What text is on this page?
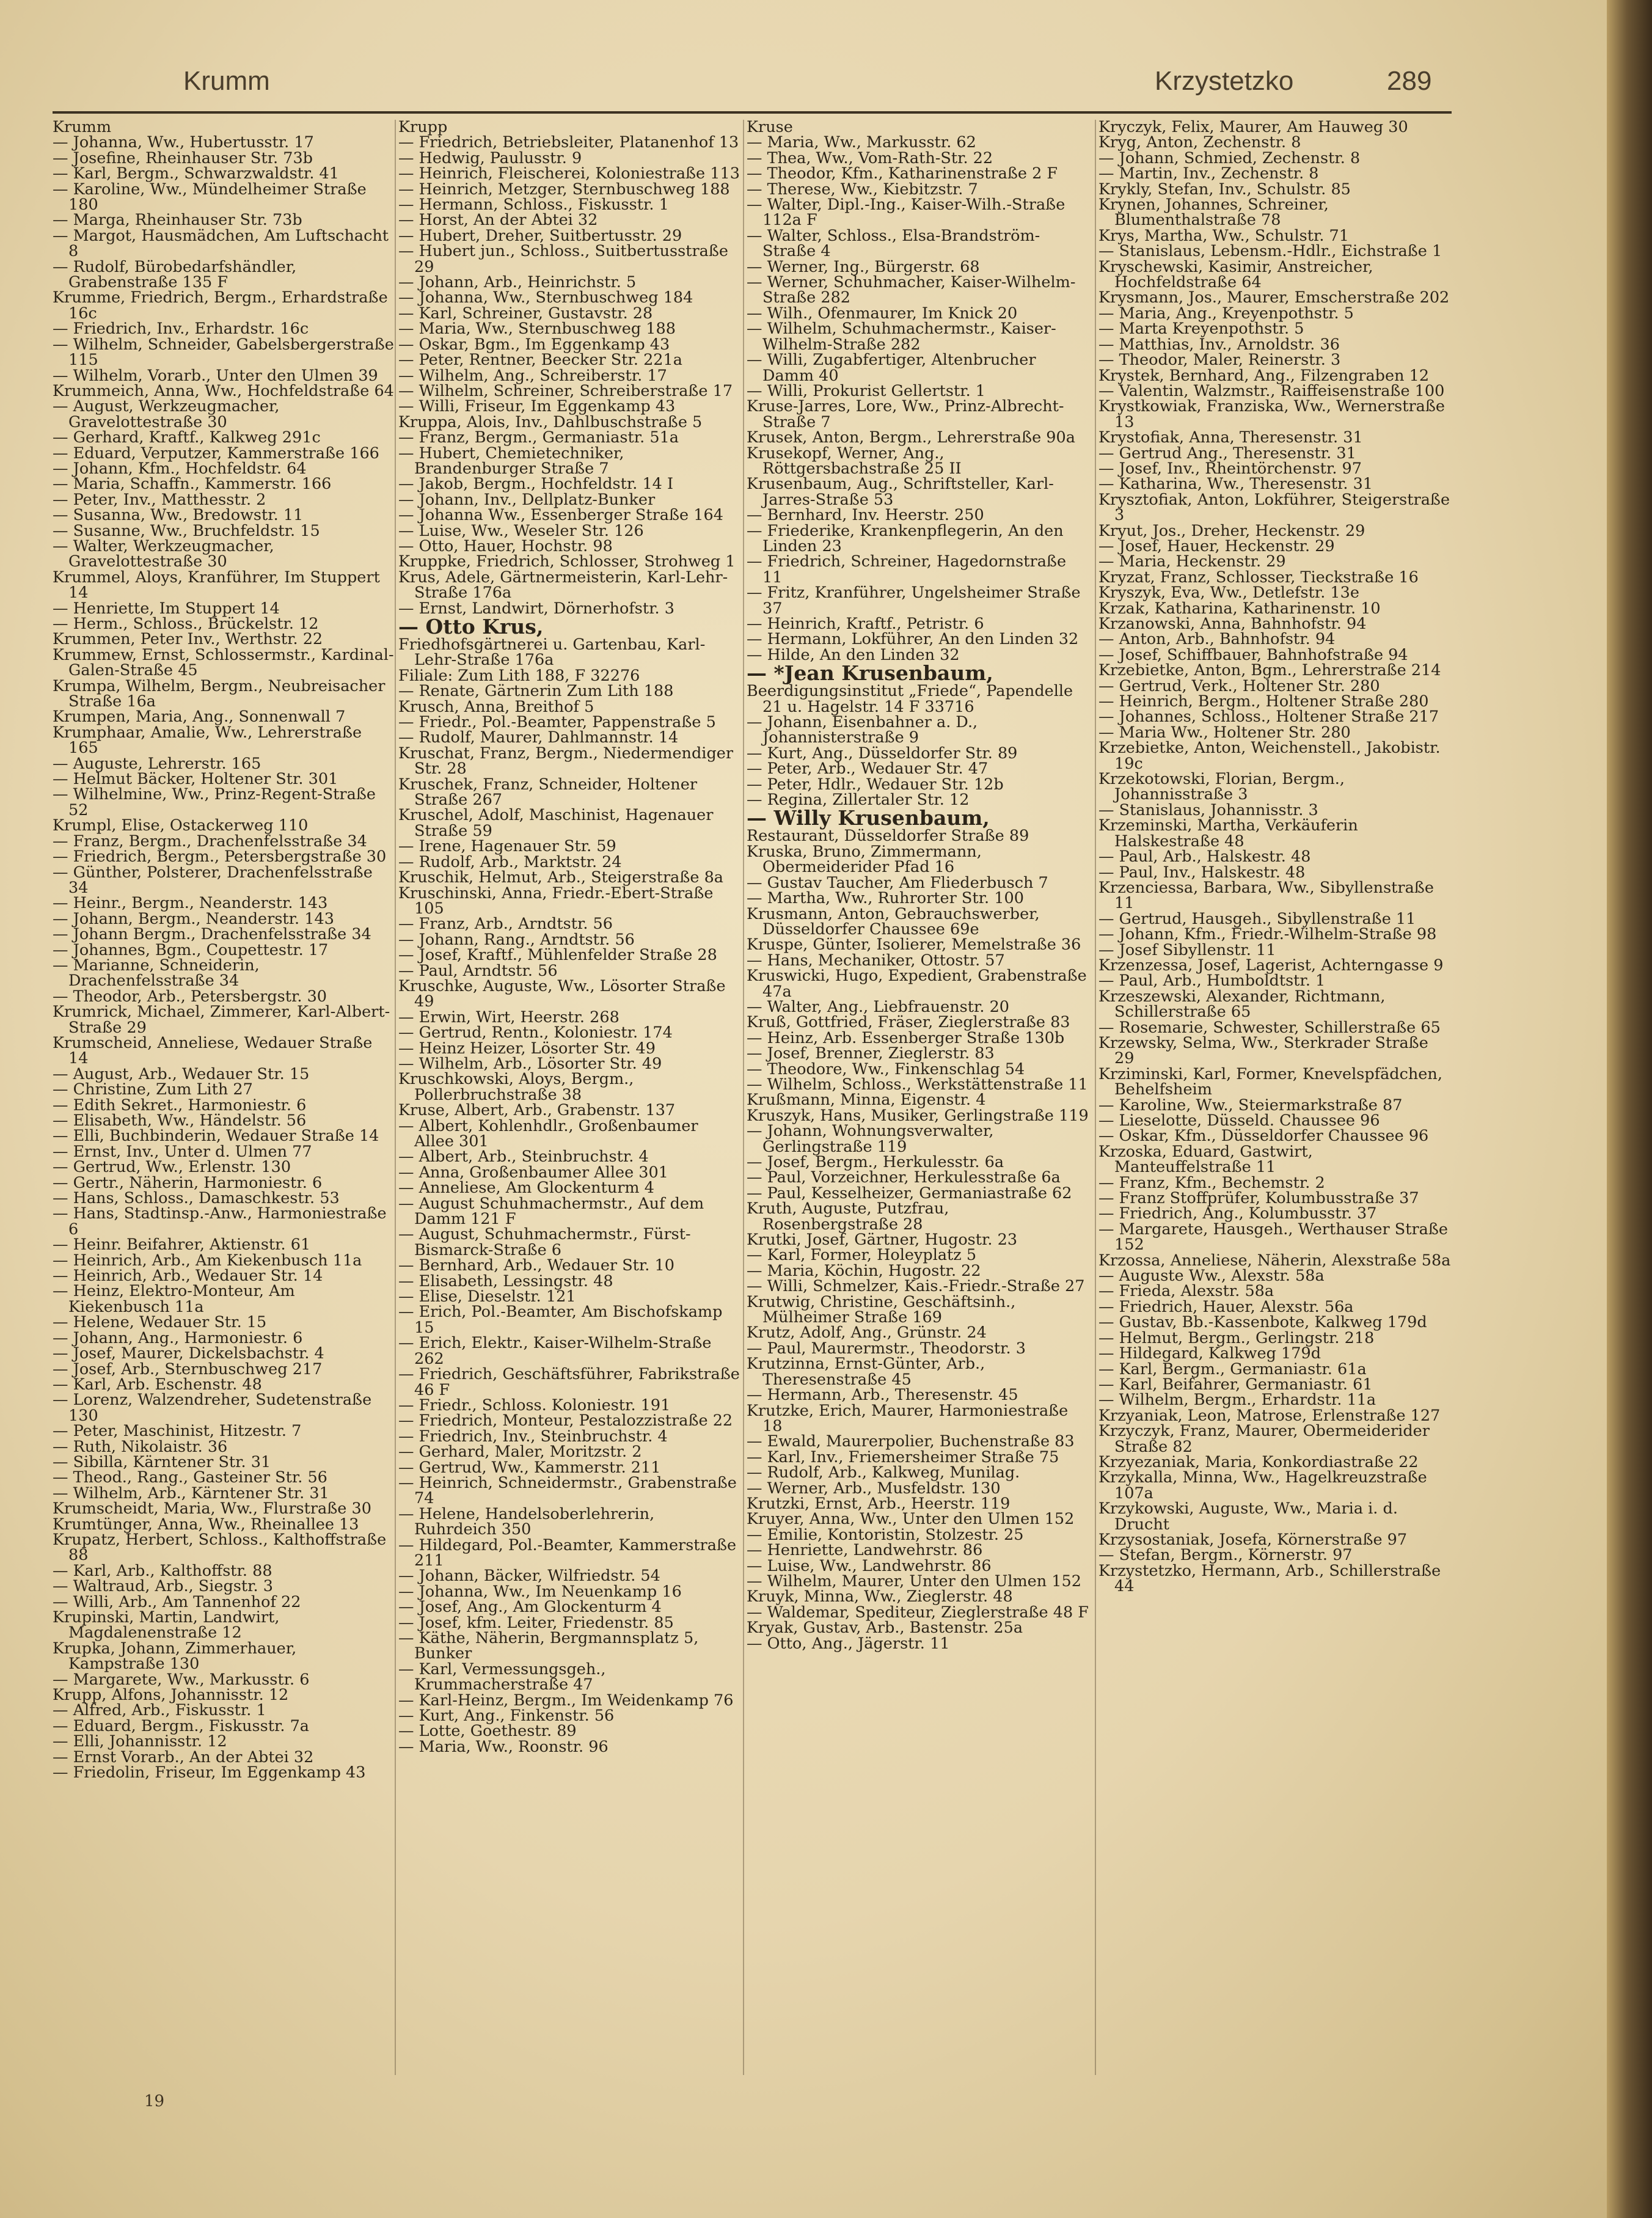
Krumm	Krzystetzko	289

Krumm

— Johanna, Ww., Hubertusstr. 17

— Josefine, Rheinhauser Str. 73b

— Karl, Bergm., Schwarzwaldstr. 41

— Karoline, Ww., Mündelheimer Straße 180

— Marga, Rheinhauser Str. 73b

— Margot, Hausmädchen, Am Luftschacht 8

— Rudolf, Bürobedarfshändler, Grabenstraße 135 F

Krumme, Friedrich, Bergm., Erhardstraße 16c

— Friedrich, Inv., Erhardstr. 16c

— Wilhelm, Schneider, Gabelsbergerstraße 115

— Wilhelm, Vorarb., Unter den Ulmen 39

Krummeich, Anna, Ww., Hochfeldstraße 64

— August, Werkzeugmacher, Gravelottestraße 30

— Gerhard, Kraftf., Kalkweg 291c

— Eduard, Verputzer, Kammerstraße 166

— Johann, Kfm., Hochfeldstr. 64

— Maria, Schaffn., Kammerstr. 166

— Peter, Inv., Matthesstr. 2

— Susanna, Ww., Bredowstr. 11

— Susanne, Ww., Bruchfeldstr. 15

— Walter, Werkzeugmacher, Gravelottestraße 30

Krummel, Aloys, Kranführer, Im Stuppert 14

— Henriette, Im Stuppert 14

— Herm., Schloss., Brückelstr. 12

Krummen, Peter Inv., Werthstr. 22

Krummew, Ernst, Schlossermstr., Kardinal-Galen-Straße 45

Krumpa, Wilhelm, Bergm., Neubreisacher Straße 16a

Krumpen, Maria, Ang., Sonnenwall 7

Krumphaar, Amalie, Ww., Lehrerstraße 165

— Auguste, Lehrerstr. 165

— Helmut Bäcker, Holtener Str. 301

— Wilhelmine, Ww., Prinz-Regent-Straße 52

Krumpl, Elise, Ostackerweg 110

— Franz, Bergm., Drachenfelsstraße 34

— Friedrich, Bergm., Petersbergstraße 30

— Günther, Polsterer, Drachenfelsstraße 34

— Heinr., Bergm., Neanderstr. 143

— Johann, Bergm., Neanderstr. 143

— Johann Bergm., Drachenfelsstraße 34

— Johannes, Bgm., Coupettestr. 17

— Marianne, Schneiderin, Drachenfelsstraße 34

— Theodor, Arb., Petersbergstr. 30

Krumrick, Michael, Zimmerer, Karl-Albert-Straße 29

Krumscheid, Anneliese, Wedauer Straße 14

— August, Arb., Wedauer Str. 15

— Christine, Zum Lith 27

— Edith Sekret., Harmoniestr. 6

— Elisabeth, Ww., Händelstr. 56

— Elli, Buchbinderin, Wedauer Straße 14

— Ernst, Inv., Unter d. Ulmen 77

— Gertrud, Ww., Erlenstr. 130

— Gertr., Näherin, Harmoniestr. 6

— Hans, Schloss., Damaschkestr. 53

— Hans, Stadtinsp.-Anw., Harmoniestraße 6

— Heinr. Beifahrer, Aktienstr. 61

— Heinrich, Arb., Am Kiekenbusch 11a

— Heinrich, Arb., Wedauer Str. 14

— Heinz, Elektro-Monteur, Am Kiekenbusch 11a

— Helene, Wedauer Str. 15

— Johann, Ang., Harmoniestr. 6

— Josef, Maurer, Dickelsbachstr. 4

— Josef, Arb., Sternbuschweg 217

— Karl, Arb. Eschenstr. 48

— Lorenz, Walzendreher, Sudetenstraße 130

— Peter, Maschinist, Hitzestr. 7

— Ruth, Nikolaistr. 36

— Sibilla, Kärntener Str. 31

— Theod., Rang., Gasteiner Str. 56

— Wilhelm, Arb., Kärntener Str. 31

Krumscheidt, Maria, Ww., Flurstraße 30

Krumtünger, Anna, Ww., Rheinallee 13

Krupatz, Herbert, Schloss., Kalthoffstraße 88

— Karl, Arb., Kalthoffstr. 88

— Waltraud, Arb., Siegstr. 3

— Willi, Arb., Am Tannenhof 22

Krupinski, Martin, Landwirt, Magdalenenstraße 12

Krupka, Johann, Zimmerhauer, Kampstraße 130

— Margarete, Ww., Markusstr. 6

Krupp, Alfons, Johannisstr. 12

— Alfred, Arb., Fiskusstr. 1

— Eduard, Bergm., Fiskusstr. 7a

— Elli, Johannisstr. 12

— Ernst Vorarb., An der Abtei 32

— Friedolin, Friseur, Im Eggenkamp 43

Krupp

— Friedrich, Betriebsleiter, Platanenhof 13

— Hedwig, Paulusstr. 9

— Heinrich, Fleischerei, Koloniestraße 113

— Heinrich, Metzger, Sternbuschweg 188

— Hermann, Schloss., Fiskusstr. 1

— Horst, An der Abtei 32

— Hubert, Dreher, Suitbertusstr. 29

— Hubert jun., Schloss., Suitbertusstraße 29

— Johann, Arb., Heinrichstr. 5

— Johanna, Ww., Sternbuschweg 184

— Karl, Schreiner, Gustavstr. 28

— Maria, Ww., Sternbuschweg 188

— Oskar, Bgm., Im Eggenkamp 43

— Peter, Rentner, Beecker Str. 221a

— Wilhelm, Ang., Schreiberstr. 17

— Wilhelm, Schreiner, Schreiberstraße 17

— Willi, Friseur, Im Eggenkamp 43

Kruppa, Alois, Inv., Dahlbuschstraße 5

— Franz, Bergm., Germaniastr. 51a

— Hubert, Chemietechniker, Brandenburger Straße 7

— Jakob, Bergm., Hochfeldstr. 14 I

— Johann, Inv., Dellplatz-Bunker

— Johanna Ww., Essenberger Straße 164

— Luise, Ww., Weseler Str. 126

— Otto, Hauer, Hochstr. 98

Kruppke, Friedrich, Schlosser, Strohweg 1

Krus, Adele, Gärtnermeisterin, Karl-Lehr-Straße 176a

— Ernst, Landwirt, Dörnerhofstr. 3

— Otto Krus,

Friedhofsgärtnerei u. Gartenbau, Karl-Lehr-Straße 176a

Filiale: Zum Lith 188, F 32276

— Renate, Gärtnerin Zum Lith 188

Krusch, Anna, Breithof 5

— Friedr., Pol.-Beamter, Pappenstraße 5

— Rudolf, Maurer, Dahlmannstr. 14

Kruschat, Franz, Bergm., Niedermendiger Str. 28

Kruschek, Franz, Schneider, Holtener Straße 267

Kruschel, Adolf, Maschinist, Hagenauer Straße 59

— Irene, Hagenauer Str. 59

— Rudolf, Arb., Marktstr. 24

Kruschik, Helmut, Arb., Steigerstraße 8a

Kruschinski, Anna, Friedr.-Ebert-Straße 105

— Franz, Arb., Arndtstr. 56

— Johann, Rang., Arndtstr. 56

— Josef, Kraftf., Mühlenfelder Straße 28

— Paul, Arndtstr. 56

Kruschke, Auguste, Ww., Lösorter Straße 49

— Erwin, Wirt, Heerstr. 268

— Gertrud, Rentn., Koloniestr. 174

— Heinz Heizer, Lösorter Str. 49

— Wilhelm, Arb., Lösorter Str. 49

Kruschkowski, Aloys, Bergm., Pollerbruchstraße 38

Kruse, Albert, Arb., Grabenstr. 137

— Albert, Kohlenhdlr., Großenbaumer Allee 301

— Albert, Arb., Steinbruchstr. 4

— Anna, Großenbaumer Allee 301

— Anneliese, Am Glockenturm 4

— August Schuhmachermstr., Auf dem Damm 121 F

— August, Schuhmachermstr., Fürst-Bismarck-Straße 6

— Bernhard, Arb., Wedauer Str. 10

— Elisabeth, Lessingstr. 48

— Elise, Dieselstr. 121

— Erich, Pol.-Beamter, Am Bischofskamp 15

— Erich, Elektr., Kaiser-Wilhelm-Straße 262

— Friedrich, Geschäftsführer, Fabrikstraße 46 F

— Friedr., Schloss. Koloniestr. 191

— Friedrich, Monteur, Pestalozzistraße 22

— Friedrich, Inv., Steinbruchstr. 4

— Gerhard, Maler, Moritzstr. 2

— Gertrud, Ww., Kammerstr. 211

— Heinrich, Schneidermstr., Grabenstraße 74

— Helene, Handelsoberlehrerin, Ruhrdeich 350

— Hildegard, Pol.-Beamter, Kammerstraße 211

— Johann, Bäcker, Wilfriedstr. 54

— Johanna, Ww., Im Neuenkamp 16

— Josef, Ang., Am Glockenturm 4

— Josef, kfm. Leiter, Friedenstr. 85

— Käthe, Näherin, Bergmannsplatz 5, Bunker

— Karl, Vermessungsgeh., Krummacherstraße 47

— Karl-Heinz, Bergm., Im Weidenkamp 76

— Kurt, Ang., Finkenstr. 56

— Lotte, Goethestr. 89

— Maria, Ww., Roonstr. 96

Kruse

— Maria, Ww., Markusstr. 62

— Thea, Ww., Vom-Rath-Str. 22

— Theodor, Kfm., Katharinenstraße 2 F

— Therese, Ww., Kiebitzstr. 7

— Walter, Dipl.-Ing., Kaiser-Wilh.-Straße 112a F

— Walter, Schloss., Elsa-Brandström-Straße 4

— Werner, Ing., Bürgerstr. 68

— Werner, Schuhmacher, Kaiser-Wilhelm-Straße 282

— Wilh., Ofenmaurer, Im Knick 20

— Wilhelm, Schuhmachermstr., Kaiser-Wilhelm-Straße 282

— Willi, Zugabfertiger, Altenbrucher Damm 40

— Willi, Prokurist Gellertstr. 1

Kruse-Jarres, Lore, Ww., Prinz-Albrecht-Straße 7

Krusek, Anton, Bergm., Lehrerstraße 90a

Krusekopf, Werner, Ang., Röttgersbachstraße 25 II

Krusenbaum, Aug., Schriftsteller, Karl-Jarres-Straße 53

— Bernhard, Inv. Heerstr. 250

— Friederike, Krankenpflegerin, An den Linden 23

— Friedrich, Schreiner, Hagedornstraße 11

— Fritz, Kranführer, Ungelsheimer Straße 37

— Heinrich, Kraftf., Petristr. 6

— Hermann, Lokführer, An den Linden 32

— Hilde, An den Linden 32

— *Jean Krusenbaum,

Beerdigungsinstitut „Friede“, Papendelle 21 u. Hagelstr. 14 F 33716

— Johann, Eisenbahner a. D., Johannisterstraße 9

— Kurt, Ang., Düsseldorfer Str. 89

— Peter, Arb., Wedauer Str. 47

— Peter, Hdlr., Wedauer Str. 12b

— Regina, Zillertaler Str. 12

— Willy Krusenbaum,

Restaurant, Düsseldorfer Straße 89

Kruska, Bruno, Zimmermann, Obermeiderider Pfad 16

— Gustav Taucher, Am Fliederbusch 7

— Martha, Ww., Ruhrorter Str. 100

Krusmann, Anton, Gebrauchswerber, Düsseldorfer Chaussee 69e

Kruspe, Günter, Isolierer, Memelstraße 36

— Hans, Mechaniker, Ottostr. 57

Kruswicki, Hugo, Expedient, Grabenstraße 47a

— Walter, Ang., Liebfrauenstr. 20

Kruß, Gottfried, Fräser, Zieglerstraße 83

— Heinz, Arb. Essenberger Straße 130b

— Josef, Brenner, Zieglerstr. 83

— Theodore, Ww., Finkenschlag 54

— Wilhelm, Schloss., Werkstättenstraße 11

Krußmann, Minna, Eigenstr. 4

Kruszyk, Hans, Musiker, Gerlingstraße 119

— Johann, Wohnungsverwalter, Gerlingstraße 119

— Josef, Bergm., Herkulesstr. 6a

— Paul, Vorzeichner, Herkulesstraße 6a

— Paul, Kesselheizer, Germaniastraße 62

Kruth, Auguste, Putzfrau, Rosenbergstraße 28

Krutki, Josef, Gärtner, Hugostr. 23

— Karl, Former, Holeyplatz 5

— Maria, Köchin, Hugostr. 22

— Willi, Schmelzer, Kais.-Friedr.-Straße 27

Krutwig, Christine, Geschäftsinh., Mülheimer Straße 169

Krutz, Adolf, Ang., Grünstr. 24

— Paul, Maurermstr., Theodorstr. 3

Krutzinna, Ernst-Günter, Arb., Theresenstraße 45

— Hermann, Arb., Theresenstr. 45

Krutzke, Erich, Maurer, Harmoniestraße 18

— Ewald, Maurerpolier, Buchenstraße 83

— Karl, Inv., Friemersheimer Straße 75

— Rudolf, Arb., Kalkweg, Munilag.

— Werner, Arb., Musfeldstr. 130

Krutzki, Ernst, Arb., Heerstr. 119

Kruyer, Anna, Ww., Unter den Ulmen 152

— Emilie, Kontoristin, Stolzestr. 25

— Henriette, Landwehrstr. 86

— Luise, Ww., Landwehrstr. 86

— Wilhelm, Maurer, Unter den Ulmen 152

Kruyk, Minna, Ww., Zieglerstr. 48

— Waldemar, Spediteur, Zieglerstraße 48 F

Kryak, Gustav, Arb., Bastenstr. 25a

— Otto, Ang., Jägerstr. 11

Kryczyk, Felix, Maurer, Am Hauweg 30

Kryg, Anton, Zechenstr. 8

— Johann, Schmied, Zechenstr. 8

— Martin, Inv., Zechenstr. 8

Krykly, Stefan, Inv., Schulstr. 85

Krynen, Johannes, Schreiner, Blumenthalstraße 78

Krys, Martha, Ww., Schulstr. 71

— Stanislaus, Lebensm.-Hdlr., Eichstraße 1

Kryschewski, Kasimir, Anstreicher, Hochfeldstraße 64

Krysmann, Jos., Maurer, Emscherstraße 202

— Maria, Ang., Kreyenpothstr. 5

— Marta Kreyenpothstr. 5

— Matthias, Inv., Arnoldstr. 36

— Theodor, Maler, Reinerstr. 3

Krystek, Bernhard, Ang., Filzengraben 12

— Valentin, Walzmstr., Raiffeisenstraße 100

Krystkowiak, Franziska, Ww., Wernerstraße 13

Krystofiak, Anna, Theresenstr. 31

— Gertrud Ang., Theresenstr. 31

— Josef, Inv., Rheintörchenstr. 97

— Katharina, Ww., Theresenstr. 31

Krysztofiak, Anton, Lokführer, Steigerstraße 3

Kryut, Jos., Dreher, Heckenstr. 29

— Josef, Hauer, Heckenstr. 29

— Maria, Heckenstr. 29

Kryzat, Franz, Schlosser, Tieckstraße 16

Kryszyk, Eva, Ww., Detlefstr. 13e

Krzak, Katharina, Katharinenstr. 10

Krzanowski, Anna, Bahnhofstr. 94

— Anton, Arb., Bahnhofstr. 94

— Josef, Schiffbauer, Bahnhofstraße 94

Krzebietke, Anton, Bgm., Lehrerstraße 214

— Gertrud, Verk., Holtener Str. 280

— Heinrich, Bergm., Holtener Straße 280

— Johannes, Schloss., Holtener Straße 217

— Maria Ww., Holtener Str. 280

Krzebietke, Anton, Weichenstell., Jakobistr. 19c

Krzekotowski, Florian, Bergm., Johannisstraße 3

— Stanislaus, Johannisstr. 3

Krzeminski, Martha, Verkäuferin Halskestraße 48

— Paul, Arb., Halskestr. 48

— Paul, Inv., Halskestr. 48

Krzenciessa, Barbara, Ww., Sibyllenstraße 11

— Gertrud, Hausgeh., Sibyllenstraße 11

— Johann, Kfm., Friedr.-Wilhelm-Straße 98

— Josef Sibyllenstr. 11

Krzenzessa, Josef, Lagerist, Achterngasse 9

— Paul, Arb., Humboldtstr. 1

Krzeszewski, Alexander, Richtmann, Schillerstraße 65

— Rosemarie, Schwester, Schillerstraße 65

Krzewsky, Selma, Ww., Sterkrader Straße 29

Krziminski, Karl, Former, Knevelspfädchen, Behelfsheim

— Karoline, Ww., Steiermarkstraße 87

— Lieselotte, Düsseld. Chaussee 96

— Oskar, Kfm., Düsseldorfer Chaussee 96

Krzoska, Eduard, Gastwirt, Manteuffelstraße 11

— Franz, Kfm., Bechemstr. 2

— Franz Stoffprüfer, Kolumbusstraße 37

— Friedrich, Ang., Kolumbusstr. 37

— Margarete, Hausgeh., Werthauser Straße 152

Krzossa, Anneliese, Näherin, Alexstraße 58a

— Auguste Ww., Alexstr. 58a

— Frieda, Alexstr. 58a

— Friedrich, Hauer, Alexstr. 56a

— Gustav, Bb.-Kassenbote, Kalkweg 179d

— Helmut, Bergm., Gerlingstr. 218

— Hildegard, Kalkweg 179d

— Karl, Bergm., Germaniastr. 61a

— Karl, Beifahrer, Germaniastr. 61

— Wilhelm, Bergm., Erhardstr. 11a

Krzyaniak, Leon, Matrose, Erlenstraße 127

Krzyczyk, Franz, Maurer, Obermeiderider Straße 82

Krzyezaniak, Maria, Konkordiastraße 22

Krzykalla, Minna, Ww., Hagelkreuzstraße 107a

Krzykowski, Auguste, Ww., Maria i. d. Drucht

Krzysostaniak, Josefa, Körnerstraße 97

— Stefan, Bergm., Körnerstr. 97

Krzystetzko, Hermann, Arb., Schillerstraße 44

19
